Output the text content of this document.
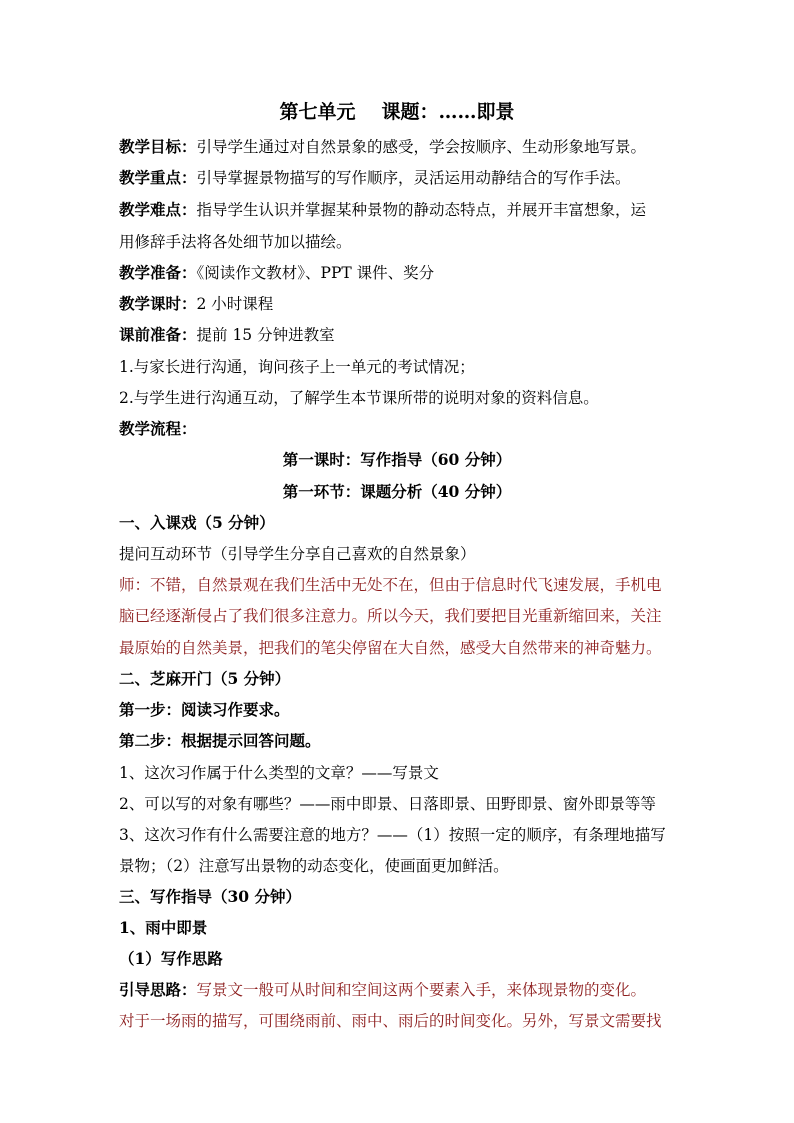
第七单元 课题：……即景
教学目标：引导学生通过对自然景象的感受，学会按顺序、生动形象地写景。
教学重点：引导掌握景物描写的写作顺序，灵活运用动静结合的写作手法。
教学难点：指导学生认识并掌握某种景物的静动态特点，并展开丰富想象，运
用修辞手法将各处细节加以描绘。
教学准备：《阅读作文教材》、PPT 课件、奖分
教学课时：2 小时课程
课前准备：提前 15 分钟进教室
1.与家长进行沟通，询问孩子上一单元的考试情况；
2.与学生进行沟通互动，了解学生本节课所带的说明对象的资料信息。
教学流程：
第一课时：写作指导（60 分钟）
第一环节：课题分析（40 分钟）
一、入课戏（5 分钟）
提问互动环节（引导学生分享自己喜欢的自然景象）
师：不错，自然景观在我们生活中无处不在，但由于信息时代飞速发展，手机电
脑已经逐渐侵占了我们很多注意力。所以今天，我们要把目光重新缩回来，关注
最原始的自然美景，把我们的笔尖停留在大自然，感受大自然带来的神奇魅力。
二、芝麻开门（5 分钟）
第一步：阅读习作要求。
第二步：根据提示回答问题。
1、这次习作属于什么类型的文章？——写景文
2、可以写的对象有哪些？——雨中即景、日落即景、田野即景、窗外即景等等
3、这次习作有什么需要注意的地方？——（1）按照一定的顺序，有条理地描写
景物；（2）注意写出景物的动态变化，使画面更加鲜活。
三、写作指导（30 分钟）
1、雨中即景
（1）写作思路
引导思路：写景文一般可从时间和空间这两个要素入手，来体现景物的变化。
对于一场雨的描写，可围绕雨前、雨中、雨后的时间变化。另外，写景文需要找
